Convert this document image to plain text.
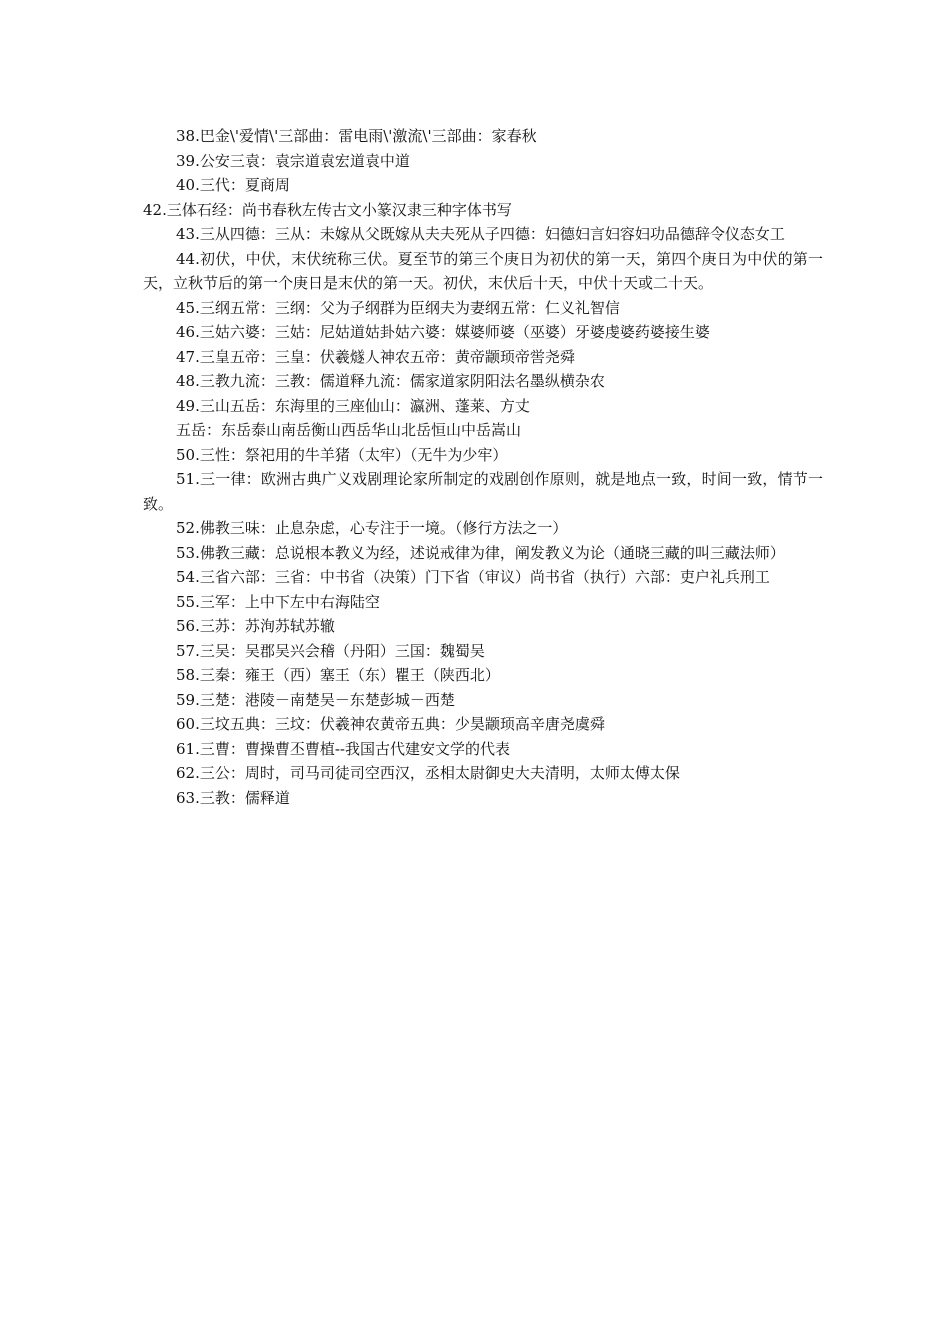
38.巴金\'爱情\'三部曲：雷电雨\'激流\'三部曲：家春秋

39.公安三袁：袁宗道袁宏道袁中道

40.三代：夏商周

42.三体石经：尚书春秋左传古文小篆汉隶三种字体书写

43.三从四德：三从：未嫁从父既嫁从夫夫死从子四德：妇德妇言妇容妇功品德辞令仪态女工

44.初伏，中伏，末伏统称三伏。夏至节的第三个庚日为初伏的第一天，第四个庚日为中伏的第一天，立秋节后的第一个庚日是末伏的第一天。初伏，末伏后十天，中伏十天或二十天。

45.三纲五常：三纲：父为子纲群为臣纲夫为妻纲五常：仁义礼智信

46.三姑六婆：三姑：尼姑道姑卦姑六婆：媒婆师婆（巫婆）牙婆虔婆药婆接生婆

47.三皇五帝：三皇：伏羲燧人神农五帝：黄帝颛顼帝喾尧舜

48.三教九流：三教：儒道释九流：儒家道家阴阳法名墨纵横杂农

49.三山五岳：东海里的三座仙山：瀛洲、蓬莱、方丈

五岳：东岳泰山南岳衡山西岳华山北岳恒山中岳嵩山

50.三性：祭祀用的牛羊猪（太牢）（无牛为少牢）

51.三一律：欧洲古典广义戏剧理论家所制定的戏剧创作原则，就是地点一致，时间一致，情节一致。

52.佛教三味：止息杂虑，心专注于一境。（修行方法之一）

53.佛教三藏：总说根本教义为经，述说戒律为律，阐发教义为论（通晓三藏的叫三藏法师）

54.三省六部：三省：中书省（决策）门下省（审议）尚书省（执行）六部：吏户礼兵刑工

55.三军：上中下左中右海陆空

56.三苏：苏洵苏轼苏辙

57.三吴：吴郡吴兴会稽（丹阳）三国：魏蜀吴

58.三秦：雍王（西）塞王（东）瞿王（陕西北）

59.三楚：港陵－南楚吴－东楚彭城－西楚

60.三坟五典：三坟：伏羲神农黄帝五典：少昊颛顼高辛唐尧虞舜

61.三曹：曹操曹丕曹植--我国古代建安文学的代表

62.三公：周时，司马司徒司空西汉，丞相太尉御史大夫清明，太师太傅太保

63.三教：儒释道
